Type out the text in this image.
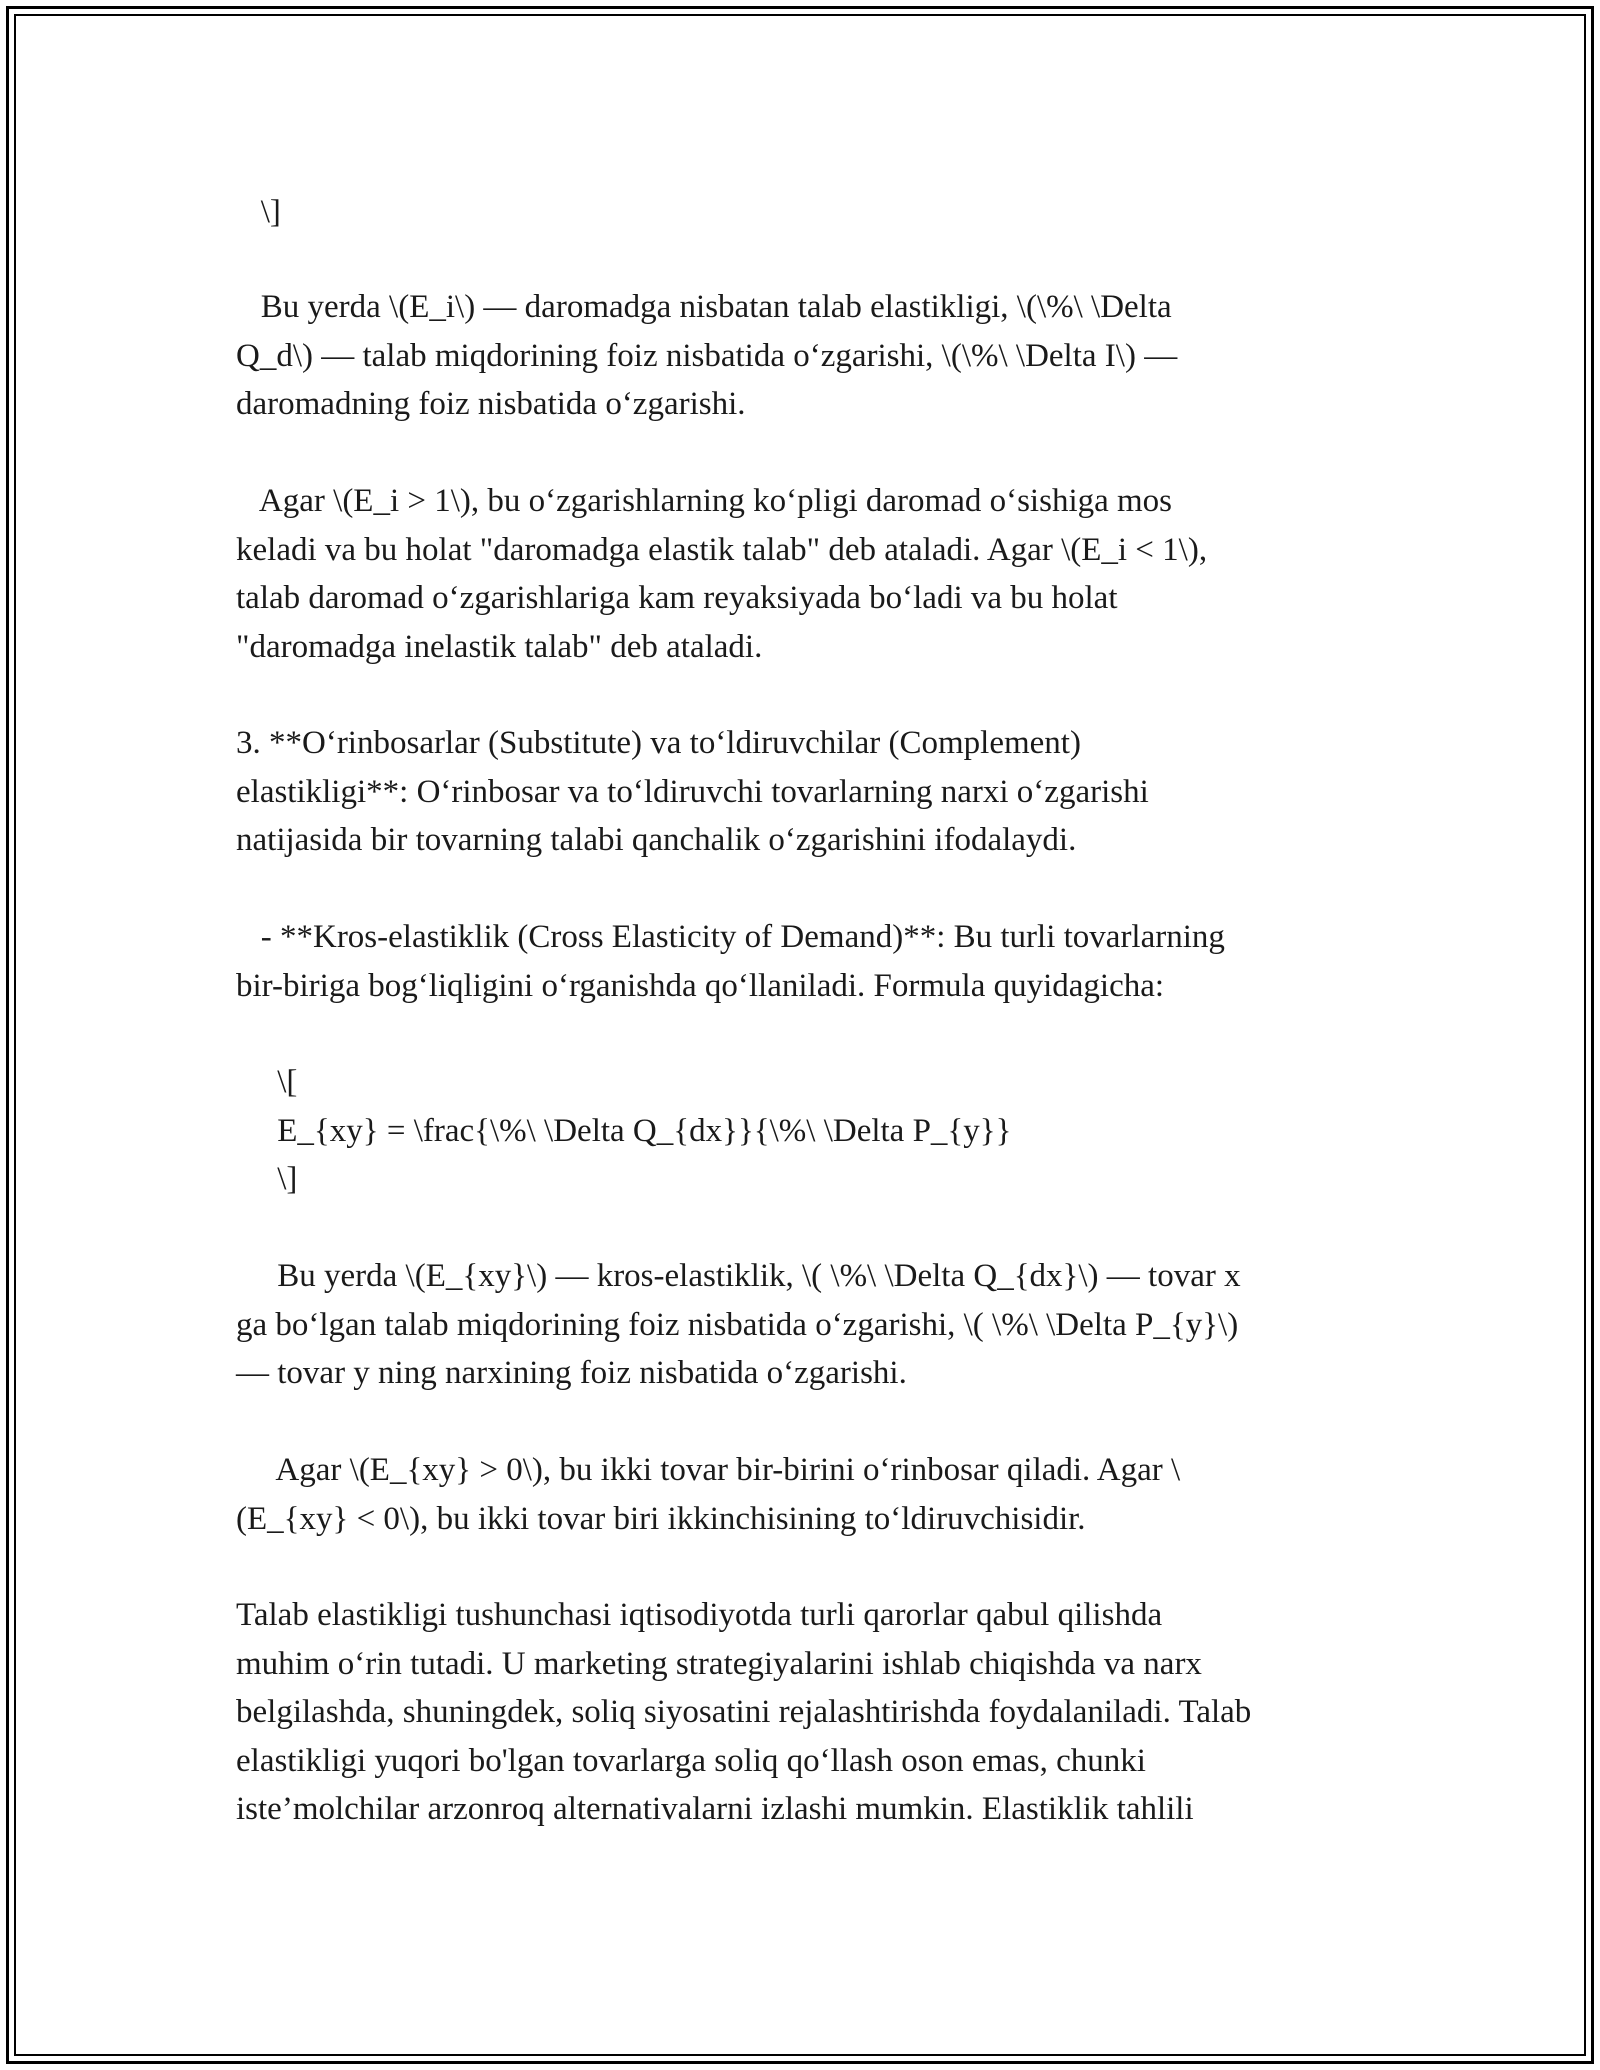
\]

Bu yerda \(E_i\) — daromadga nisbatan talab elastikligi, \(\%\ \Delta
Q_d\) — talab miqdorining foiz nisbatida o‘zgarishi, \(\%\ \Delta I\) —
daromadning foiz nisbatida o‘zgarishi.

Agar \(E_i > 1\), bu o‘zgarishlarning ko‘pligi daromad o‘sishiga mos
keladi va bu holat "daromadga elastik talab" deb ataladi. Agar \(E_i < 1\),
talab daromad o‘zgarishlariga kam reyaksiyada bo‘ladi va bu holat
"daromadga inelastik talab" deb ataladi.

3. **O‘rinbosarlar (Substitute) va to‘ldiruvchilar (Complement)
elastikligi**: O‘rinbosar va to‘ldiruvchi tovarlarning narxi o‘zgarishi
natijasida bir tovarning talabi qanchalik o‘zgarishini ifodalaydi.

- **Kros-elastiklik (Cross Elasticity of Demand)**: Bu turli tovarlarning
bir-biriga bog‘liqligini o‘rganishda qo‘llaniladi. Formula quyidagicha:

\[
E_{xy} = \frac{\%\ \Delta Q_{dx}}{\%\ \Delta P_{y}}
\]

Bu yerda \(E_{xy}\) — kros-elastiklik, \( \%\ \Delta Q_{dx}\) — tovar x
ga bo‘lgan talab miqdorining foiz nisbatida o‘zgarishi, \( \%\ \Delta P_{y}\)
— tovar y ning narxining foiz nisbatida o‘zgarishi.

Agar \(E_{xy} > 0\), bu ikki tovar bir-birini o‘rinbosar qiladi. Agar \
(E_{xy} < 0\), bu ikki tovar biri ikkinchisining to‘ldiruvchisidir.

Talab elastikligi tushunchasi iqtisodiyotda turli qarorlar qabul qilishda
muhim o‘rin tutadi. U marketing strategiyalarini ishlab chiqishda va narx
belgilashda, shuningdek, soliq siyosatini rejalashtirishda foydalaniladi. Talab
elastikligi yuqori bo'lgan tovarlarga soliq qo‘llash oson emas, chunki
iste’molchilar arzonroq alternativalarni izlashi mumkin. Elastiklik tahlili
